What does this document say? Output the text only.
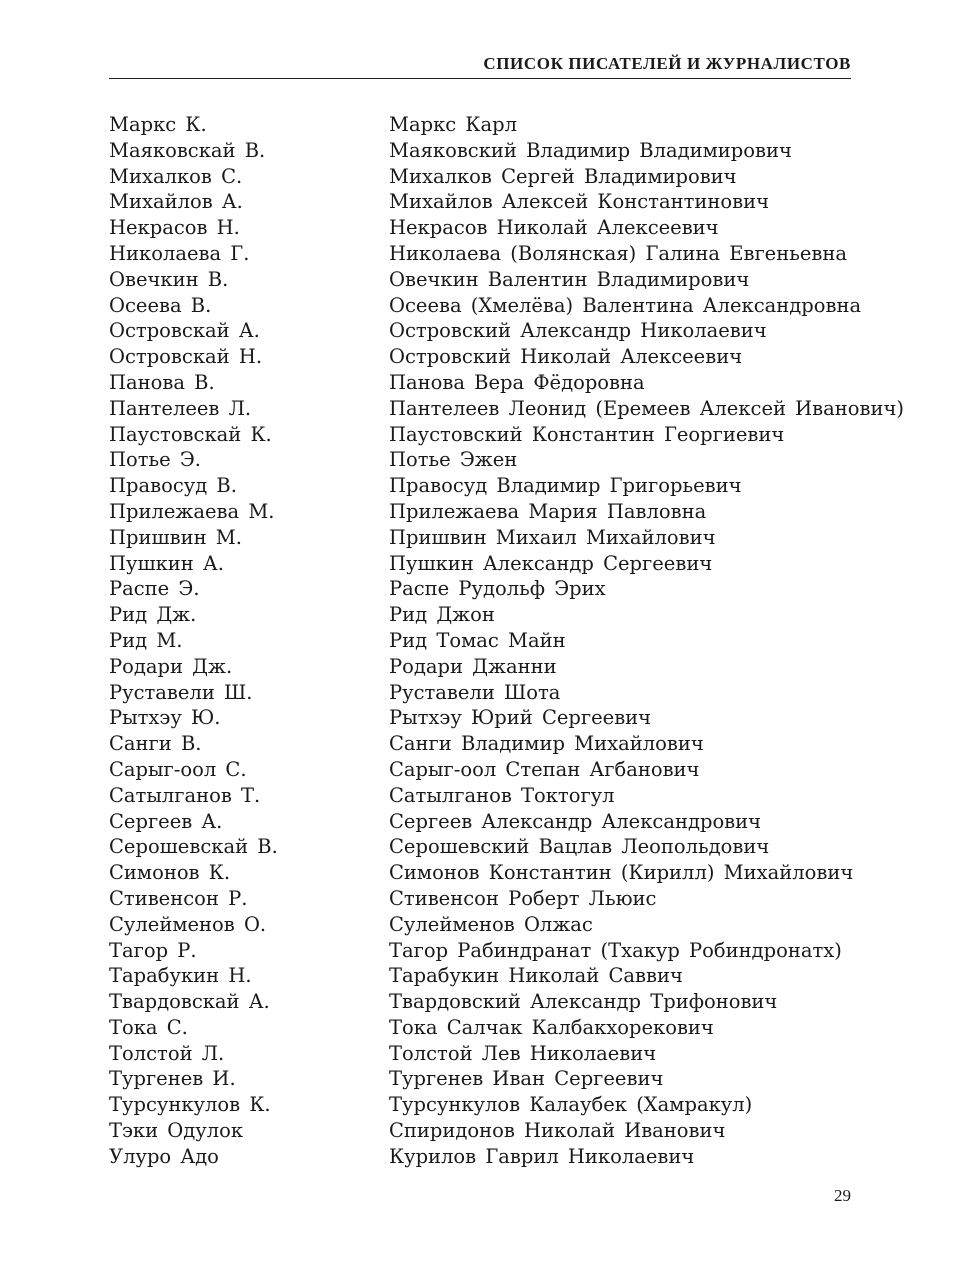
СПИСОК ПИСАТЕЛЕЙ И ЖУРНАЛИСТОВ
Маркс К.	Маркс Карл
Маяковскай В.	Маяковский Владимир Владимирович
Михалков С.	Михалков Сергей Владимирович
Михайлов А.	Михайлов Алексей Константинович
Некрасов Н.	Некрасов Николай Алексеевич
Николаева Г.	Николаева (Волянская) Галина Евгеньевна
Овечкин В.	Овечкин Валентин Владимирович
Осеева В.	Осеева (Хмелёва) Валентина Александровна
Островскай А.	Островский Александр Николаевич
Островскай Н.	Островский Николай Алексеевич
Панова В.	Панова Вера Фёдоровна
Пантелеев Л.	Пантелеев Леонид (Еремеев Алексей Иванович)
Паустовскай К.	Паустовский Константин Георгиевич
Потье Э.	Потье Эжен
Правосуд В.	Правосуд Владимир Григорьевич
Прилежаева М.	Прилежаева Мария Павловна
Пришвин М.	Пришвин Михаил Михайлович
Пушкин А.	Пушкин Александр Сергеевич
Распе Э.	Распе Рудольф Эрих
Рид Дж.	Рид Джон
Рид М.	Рид Томас Майн
Родари Дж.	Родари Джанни
Руставели Ш.	Руставели Шота
Рытхэу Ю.	Рытхэу Юрий Сергеевич
Санги В.	Санги Владимир Михайлович
Сарыг-оол С.	Сарыг-оол Степан Агбанович
Сатылганов Т.	Сатылганов Токтогул
Сергеев А.	Сергеев Александр Александрович
Серошевскай В.	Серошевский Вацлав Леопольдович
Симонов К.	Симонов Константин (Кирилл) Михайлович
Стивенсон Р.	Стивенсон Роберт Льюис
Сулейменов О.	Сулейменов Олжас
Тагор Р.	Тагор Рабиндранат (Тхакур Робиндронатх)
Тарабукин Н.	Тарабукин Николай Саввич
Твардовскай А.	Твардовский Александр Трифонович
Тока С.	Тока Салчак Калбакхорекович
Толстой Л.	Толстой Лев Николаевич
Тургенев И.	Тургенев Иван Сергеевич
Турсункулов К.	Турсункулов Калаубек (Хамракул)
Тэки Одулок	Спиридонов Николай Иванович
Улуро Адо	Курилов Гаврил Николаевич
29
